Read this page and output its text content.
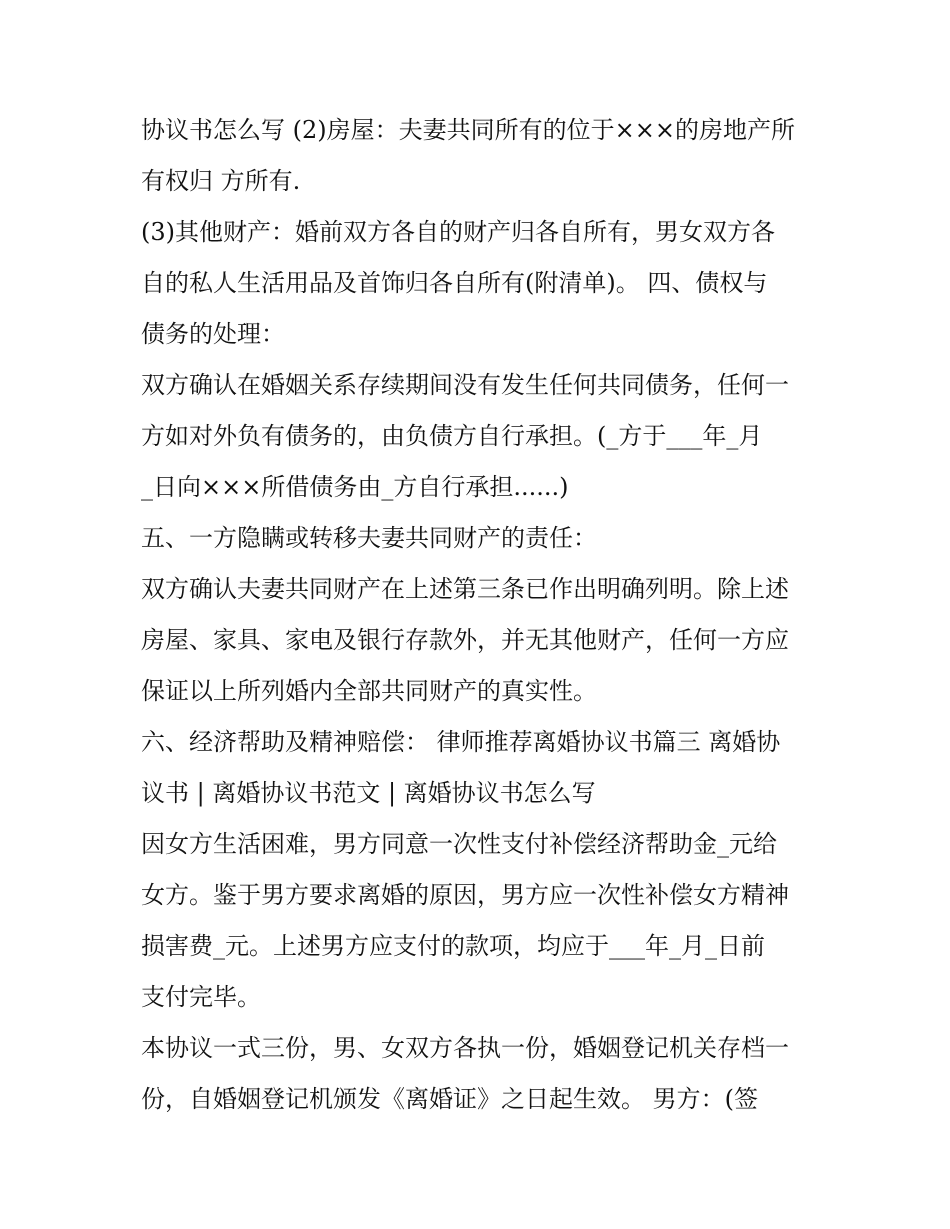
协议书怎么写 (2)房屋：夫妻共同所有的位于×××的房地产所
有权归 方所有.
(3)其他财产：婚前双方各自的财产归各自所有，男女双方各
自的私人生活用品及首饰归各自所有(附清单)。 四、债权与
债务的处理：
双方确认在婚姻关系存续期间没有发生任何共同债务，任何一
方如对外负有债务的，由负债方自行承担。(_方于___年_月
_日向×××所借债务由_方自行承担......)
五、一方隐瞒或转移夫妻共同财产的责任：
双方确认夫妻共同财产在上述第三条已作出明确列明。除上述
房屋、家具、家电及银行存款外，并无其他财产，任何一方应
保证以上所列婚内全部共同财产的真实性。
六、经济帮助及精神赔偿： 律师推荐离婚协议书篇三 离婚协
议书 | 离婚协议书范文 | 离婚协议书怎么写
因女方生活困难，男方同意一次性支付补偿经济帮助金_元给
女方。鉴于男方要求离婚的原因，男方应一次性补偿女方精神
损害费_元。上述男方应支付的款项，均应于___年_月_日前
支付完毕。
本协议一式三份，男、女双方各执一份，婚姻登记机关存档一
份，自婚姻登记机颁发《离婚证》之日起生效。 男方：(签
